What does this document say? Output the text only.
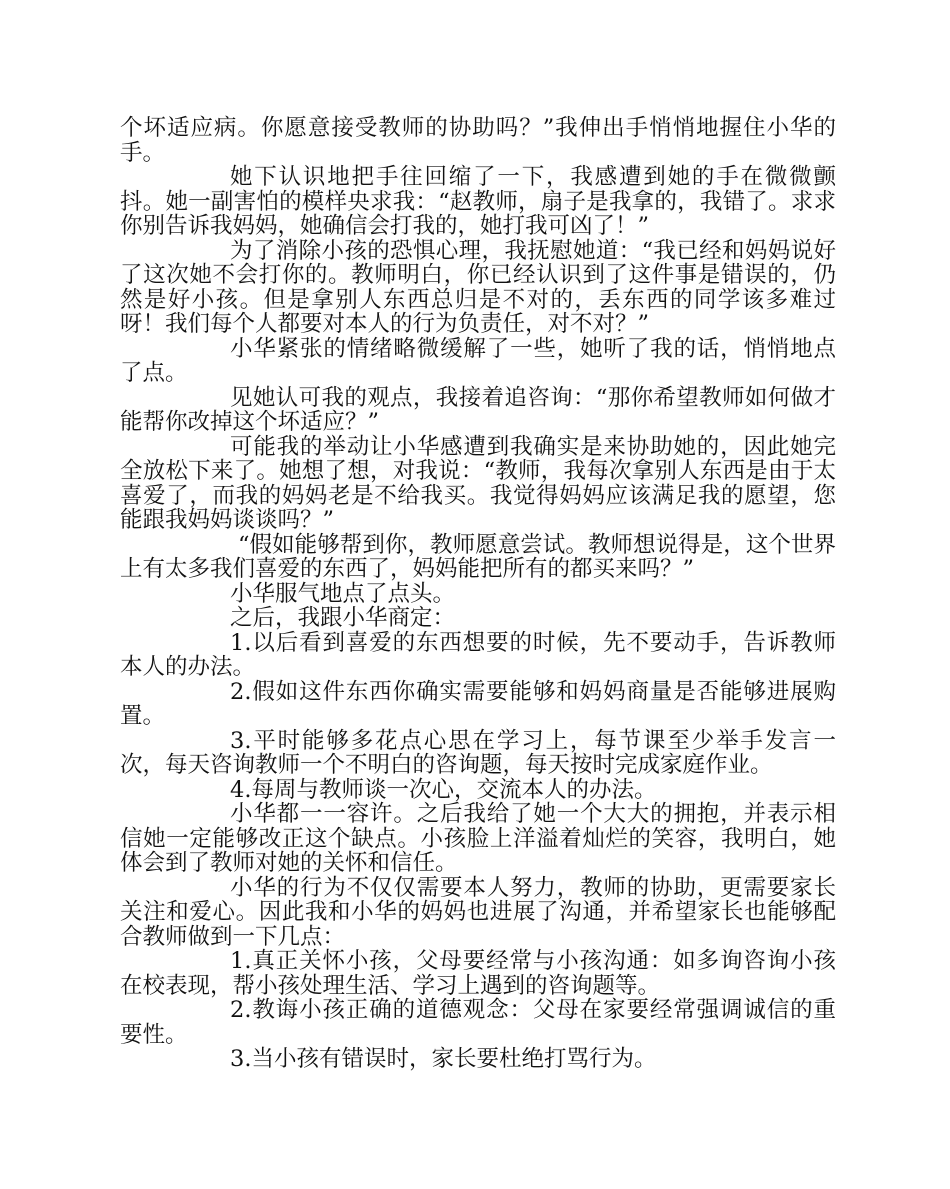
个坏适应病。你愿意接受教师的协助吗？”我伸出手悄悄地握住小华的手。

她下认识地把手往回缩了一下，我感遭到她的手在微微颤抖。她一副害怕的模样央求我：“赵教师，扇子是我拿的，我错了。求求你别告诉我妈妈，她确信会打我的，她打我可凶了！”

为了消除小孩的恐惧心理，我抚慰她道：“我已经和妈妈说好了这次她不会打你的。教师明白，你已经认识到了这件事是错误的，仍然是好小孩。但是拿别人东西总归是不对的，丢东西的同学该多难过呀！我们每个人都要对本人的行为负责任，对不对？”

小华紧张的情绪略微缓解了一些，她听了我的话，悄悄地点了点。

见她认可我的观点，我接着追咨询：“那你希望教师如何做才能帮你改掉这个坏适应？”

可能我的举动让小华感遭到我确实是来协助她的，因此她完全放松下来了。她想了想，对我说：“教师，我每次拿别人东西是由于太喜爱了，而我的妈妈老是不给我买。我觉得妈妈应该满足我的愿望，您能跟我妈妈谈谈吗？”

“假如能够帮到你，教师愿意尝试。教师想说得是，这个世界上有太多我们喜爱的东西了，妈妈能把所有的都买来吗？”

小华服气地点了点头。

之后，我跟小华商定：

1.以后看到喜爱的东西想要的时候，先不要动手，告诉教师本人的办法。

2.假如这件东西你确实需要能够和妈妈商量是否能够进展购置。

3.平时能够多花点心思在学习上，每节课至少举手发言一次，每天咨询教师一个不明白的咨询题，每天按时完成家庭作业。

4.每周与教师谈一次心，交流本人的办法。

小华都一一容许。之后我给了她一个大大的拥抱，并表示相信她一定能够改正这个缺点。小孩脸上洋溢着灿烂的笑容，我明白，她体会到了教师对她的关怀和信任。

小华的行为不仅仅需要本人努力，教师的协助，更需要家长关注和爱心。因此我和小华的妈妈也进展了沟通，并希望家长也能够配合教师做到一下几点：

1.真正关怀小孩，父母要经常与小孩沟通：如多询咨询小孩在校表现，帮小孩处理生活、学习上遇到的咨询题等。

2.教诲小孩正确的道德观念：父母在家要经常强调诚信的重要性。

3.当小孩有错误时，家长要杜绝打骂行为。
